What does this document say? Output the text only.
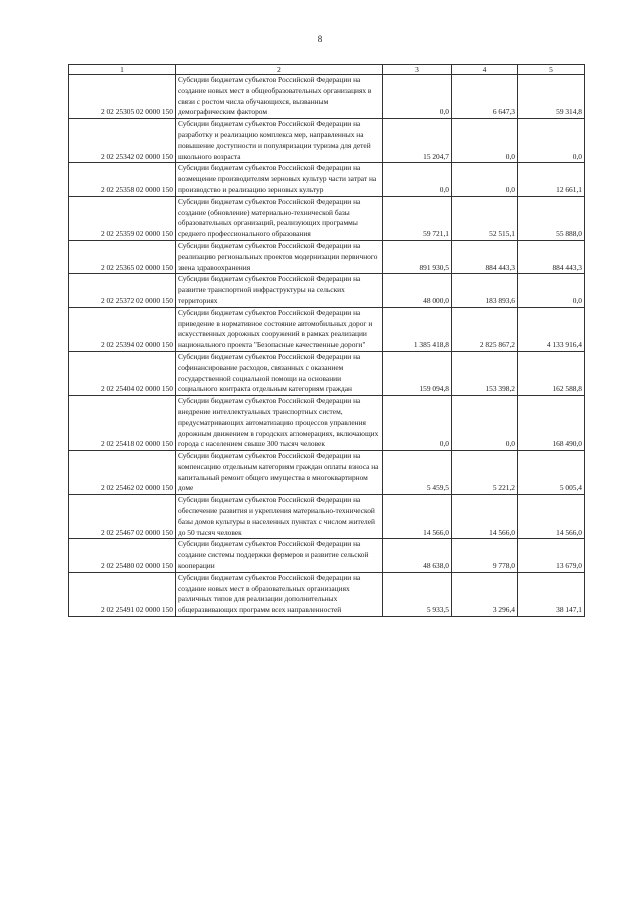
8
1	2	3	4	5
2 02 25305 02 0000 150	Субсидии бюджетам субъектов Российской Федерации на создание новых мест в общеобразовательных организациях в связи с ростом числа обучающихся, вызванным демографическим фактором	0,0	6 647,3	59 314,8
2 02 25342 02 0000 150	Субсидии бюджетам субъектов Российской Федерации на разработку и реализацию комплекса мер, направленных на повышение доступности и популяризации туризма для детей школьного возраста	15 204,7	0,0	0,0
2 02 25358 02 0000 150	Субсидии бюджетам субъектов Российской Федерации на возмещение производителям зерновых культур части затрат на производство и реализацию зерновых культур	0,0	0,0	12 661,1
2 02 25359 02 0000 150	Субсидии бюджетам субъектов Российской Федерации на создание (обновление) материально-технической базы образовательных организаций, реализующих программы среднего профессионального образования	59 721,1	52 515,1	55 888,0
2 02 25365 02 0000 150	Субсидии бюджетам субъектов Российской Федерации на реализацию региональных проектов модернизации первичного звена здравоохранения	891 930,5	884 443,3	884 443,3
2 02 25372 02 0000 150	Субсидии бюджетам субъектов Российской Федерации на развитие транспортной инфраструктуры на сельских территориях	48 000,0	183 893,6	0,0
2 02 25394 02 0000 150	Субсидии бюджетам субъектов Российской Федерации на приведение в нормативное состояние автомобильных дорог и искусственных дорожных сооружений в рамках реализации национального проекта "Безопасные качественные дороги"	1 385 418,8	2 825 867,2	4 133 916,4
2 02 25404 02 0000 150	Субсидии бюджетам субъектов Российской Федерации на софинансирование расходов, связанных с оказанием государственной социальной помощи на основании социального контракта отдельным категориям граждан	159 094,8	153 398,2	162 588,8
2 02 25418 02 0000 150	Субсидии бюджетам субъектов Российской Федерации на внедрение интеллектуальных транспортных систем, предусматривающих автоматизацию процессов управления дорожным движением в городских агломерациях, включающих города с населением свыше 300 тысяч человек	0,0	0,0	168 490,0
2 02 25462 02 0000 150	Субсидии бюджетам субъектов Российской Федерации на компенсацию отдельным категориям граждан оплаты взноса на капитальный ремонт общего имущества в многоквартирном доме	5 459,5	5 221,2	5 005,4
2 02 25467 02 0000 150	Субсидии бюджетам субъектов Российской Федерации на обеспечение развития и укрепления материально-технической базы домов культуры в населенных пунктах с числом жителей до 50 тысяч человек	14 566,0	14 566,0	14 566,0
2 02 25480 02 0000 150	Субсидии бюджетам субъектов Российской Федерации на создание системы поддержки фермеров и развитие сельской кооперации	48 638,0	9 778,0	13 679,0
2 02 25491 02 0000 150	Субсидии бюджетам субъектов Российской Федерации на создание новых мест в образовательных организациях различных типов для реализации дополнительных общеразвивающих программ всех направленностей	5 933,5	3 296,4	38 147,1
